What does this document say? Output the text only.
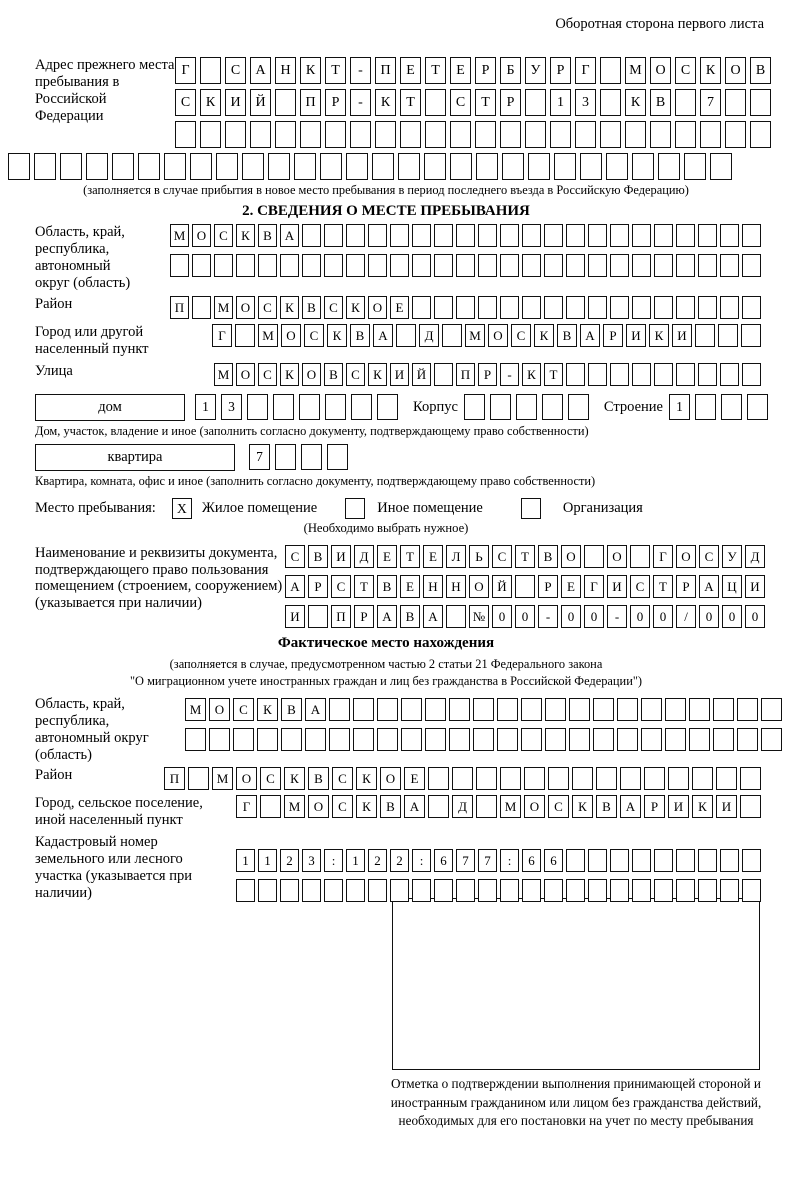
Оборотная сторона первого листа
Адрес прежнего места пребывания в Российской Федерации
Г	С	А	Н	К	Т	-	П	Е	Т	Е	Р	Б	У	Р	Г	М О	С	К	О	В
С	К	И	Й	П	Р	-	К	Т	С	Т	Р	1	3	К	В	7
(заполняется в случае прибытия в новое место пребывания в период последнего въезда в Российскую Федерацию)
2. СВЕДЕНИЯ О МЕСТЕ ПРЕБЫВАНИЯ
Область, край, республика, автономный округ (область)
М О С	К	В А
Район	П	М О С	К	В	С	К О	Е
Город или другой населенный пункт
Г	М О	С	К	В	А	Д	М О	С	К	В	А	Р	И	К	И
Улица	М О С	К О В	С	К И Й	П	Р	-	К	Т
дом	1	3	Корпус	Строение 1
Дом, участок, владение и иное (заполнить согласно документу, подтверждающему право собственности)
квартира	7
Квартира, комната, офис и иное (заполнить согласно документу, подтверждающему право собственности)
Место пребывания:	X	Жилое помещение	Иное помещение	Организация
(Необходимо выбрать нужное)
Наименование и реквизиты документа, подтверждающего право пользования помещением (строением, сооружением) (указывается при наличии)
С	В	И	Д	Е	Т	Е	Л	Ь	С	Т	В	О	О	Г	О	С	У	Д
А	Р	С	Т	В	Е	Н	Н	О	Й	Р	Е	Г	И	С	Т	Р	А	Ц	И
И	П	Р	А	В	А	№	0	0	-	0	0	-	0	0	/	0	0	0
Фактическое место нахождения
(заполняется в случае, предусмотренном частью 2 статьи 21 Федерального закона
"О миграционном учете иностранных граждан и лиц без гражданства в Российской Федерации")
Область, край, республика, автономный округ (область)
М	О	С	К	В	А
Район	П	М	О	С	К	В	С	К	О	Е
Город, сельское поселение, иной населенный пункт
Г	М	О	С	К	В	А	Д	М	О	С	К	В	А	Р	И	К	И
Кадастровый номер земельного или лесного участка (указывается при наличии)
1	1	2	3	:	1	2	2	:	6	7	7	:	6	6
Отметка о подтверждении выполнения принимающей стороной и иностранным гражданином или лицом без гражданства действий, необходимых для его постановки на учет по месту пребывания
